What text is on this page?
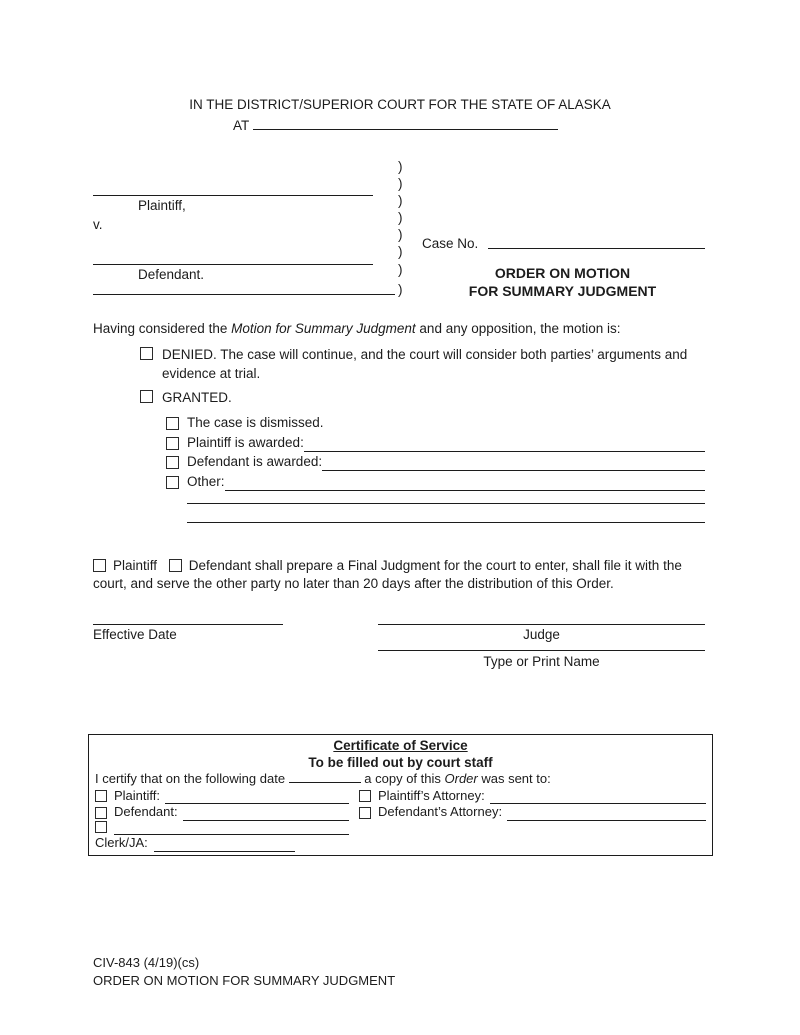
IN THE DISTRICT/SUPERIOR COURT FOR THE STATE OF ALASKA
AT
Plaintiff,
v.
Defendant.
)
)
)
)
)
)
)
)
Case No.
ORDER ON MOTION
FOR SUMMARY JUDGMENT
Having considered the Motion for Summary Judgment and any opposition, the motion is:
DENIED. The case will continue, and the court will consider both parties’ arguments and evidence at trial.
GRANTED.
The case is dismissed.
Plaintiff is awarded:
Defendant is awarded:
Other:
Plaintiff Defendant shall prepare a Final Judgment for the court to enter, shall file it with the court, and serve the other party no later than 20 days after the distribution of this Order.
Effective Date	Judge
Type or Print Name
Certificate of Service
To be filled out by court staff
I certify that on the following date	a copy of this Order was sent to:
Plaintiff:	Plaintiff’s Attorney:
Defendant:	Defendant’s Attorney:
Clerk/JA:
CIV-843 (4/19)(cs)
ORDER ON MOTION FOR SUMMARY JUDGMENT
